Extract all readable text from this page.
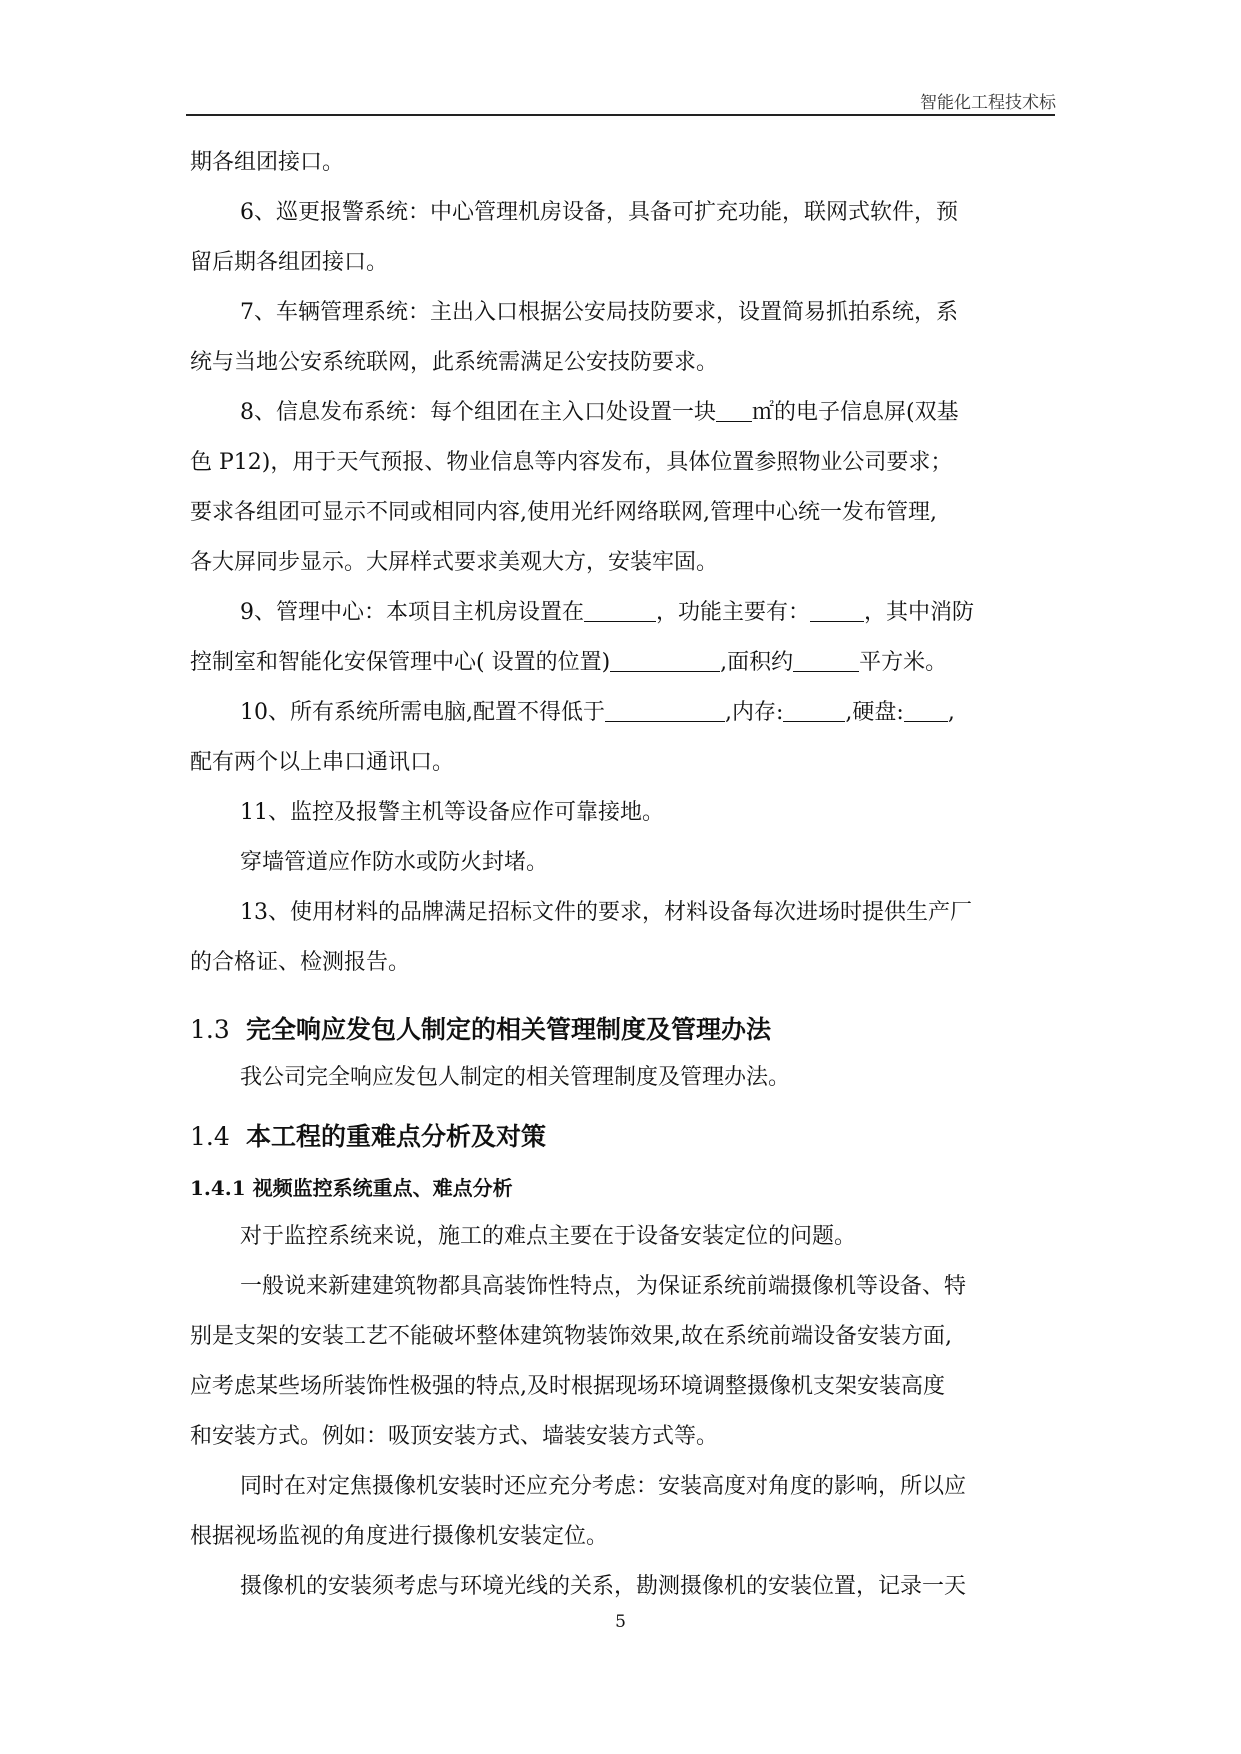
智能化工程技术标
期各组团接口。
6、巡更报警系统：中心管理机房设备，具备可扩充功能，联网式软件，预
留后期各组团接口。
7、车辆管理系统：主出入口根据公安局技防要求，设置简易抓拍系统，系
统与当地公安系统联网，此系统需满足公安技防要求。
8、信息发布系统：每个组团在主入口处设置一块 ㎡的电子信息屏(双基
色 P12)，用于天气预报、物业信息等内容发布，具体位置参照物业公司要求；
要求各组团可显示不同或相同内容,使用光纤网络联网,管理中心统一发布管理,
各大屏同步显示。大屏样式要求美观大方，安装牢固。
9、管理中心：本项目主机房设置在	，功能主要有： ，其中消防
控制室和智能化安保管理中心( 设置的位置)	,面积约	平方米。
10、所有系统所需电脑,配置不得低于	,内存:	,硬盘: ,
配有两个以上串口通讯口。
11、监控及报警主机等设备应作可靠接地。
穿墙管道应作防水或防火封堵。
13、使用材料的品牌满足招标文件的要求，材料设备每次进场时提供生产厂
的合格证、检测报告。
1.3 完全响应发包人制定的相关管理制度及管理办法
我公司完全响应发包人制定的相关管理制度及管理办法。
1.4 本工程的重难点分析及对策
1.4.1 视频监控系统重点、难点分析
对于监控系统来说，施工的难点主要在于设备安装定位的问题。
一般说来新建建筑物都具高装饰性特点，为保证系统前端摄像机等设备、特
别是支架的安装工艺不能破坏整体建筑物装饰效果,故在系统前端设备安装方面,
应考虑某些场所装饰性极强的特点,及时根据现场环境调整摄像机支架安装高度
和安装方式。例如：吸顶安装方式、墙装安装方式等。
同时在对定焦摄像机安装时还应充分考虑：安装高度对角度的影响，所以应
根据视场监视的角度进行摄像机安装定位。
摄像机的安装须考虑与环境光线的关系，勘测摄像机的安装位置，记录一天
5
